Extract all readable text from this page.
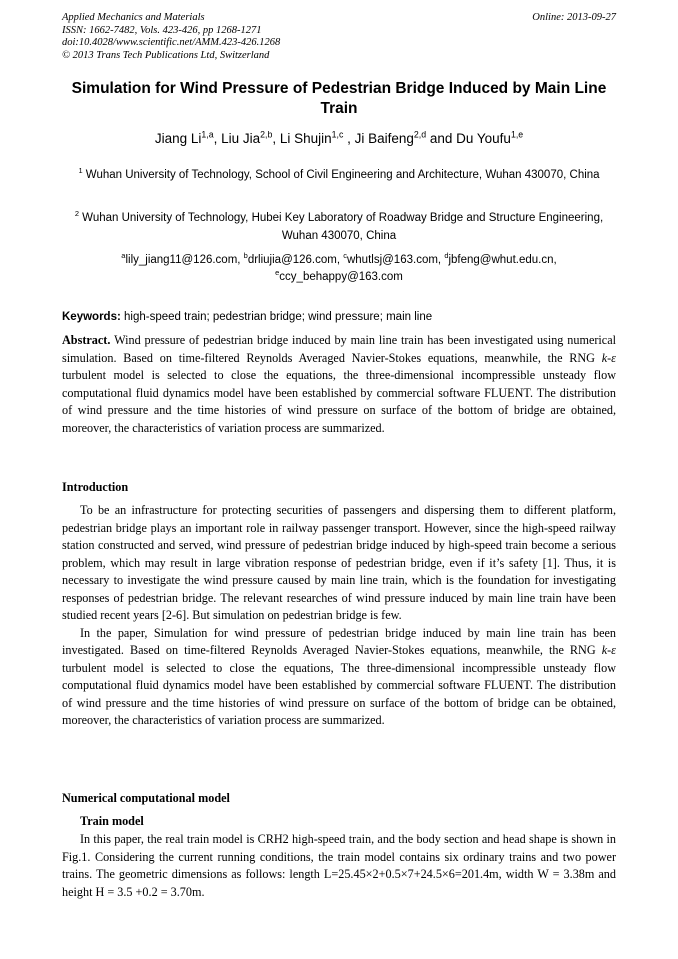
Applied Mechanics and Materials
ISSN: 1662-7482, Vols. 423-426, pp 1268-1271
doi:10.4028/www.scientific.net/AMM.423-426.1268
© 2013 Trans Tech Publications Ltd, Switzerland
Online: 2013-09-27
Simulation for Wind Pressure of Pedestrian Bridge Induced by Main Line Train
Jiang Li$^{1,a}$, Liu Jia$^{2,b}$, Li Shujin$^{1,c}$ , Ji Baifeng$^{2,d}$ and Du Youfu$^{1,e}$
$^1$ Wuhan University of Technology, School of Civil Engineering and Architecture, Wuhan 430070, China
$^2$ Wuhan University of Technology, Hubei Key Laboratory of Roadway Bridge and Structure Engineering, Wuhan 430070, China
$^a$lily_jiang11@126.com, $^b$drliujia@126.com, $^c$whutlsj@163.com, $^d$jbfeng@whut.edu.cn,
$^e$ccy_behappy@163.com
Keywords: high-speed train; pedestrian bridge; wind pressure; main line

Abstract. Wind pressure of pedestrian bridge induced by main line train has been investigated using numerical simulation. Based on time-filtered Reynolds Averaged Navier-Stokes equations, meanwhile, the RNG k-ε turbulent model is selected to close the equations, the three-dimensional incompressible unsteady flow computational fluid dynamics model have been established by commercial software FLUENT. The distribution of wind pressure and the time histories of wind pressure on surface of the bottom of bridge are obtained, moreover, the characteristics of variation process are summarized.

Introduction

To be an infrastructure for protecting securities of passengers and dispersing them to different platform, pedestrian bridge plays an important role in railway passenger transport. However, since the high-speed railway station constructed and served, wind pressure of pedestrian bridge induced by high-speed train become a serious problem, which may result in large vibration response of pedestrian bridge, even if it’s safety [1]. Thus, it is necessary to investigate the wind pressure caused by main line train, which is the foundation for investigating responses of pedestrian bridge. The relevant researches of wind pressure induced by main line train have been studied recent years [2-6]. But simulation on pedestrian bridge is few.

In the paper, Simulation for wind pressure of pedestrian bridge induced by main line train has been investigated. Based on time-filtered Reynolds Averaged Navier-Stokes equations, meanwhile, the RNG k-ε turbulent model is selected to close the equations, The three-dimensional incompressible unsteady flow computational fluid dynamics model have been established by commercial software FLUENT. The distribution of wind pressure and the time histories of wind pressure on surface of the bottom of bridge can be obtained, moreover, the characteristics of variation process are summarized.

Numerical computational model
Train model

In this paper, the real train model is CRH2 high-speed train, and the body section and head shape is shown in Fig.1. Considering the current running conditions, the train model contains six ordinary trains and two power trains. The geometric dimensions as follows: length L=25.45×2+0.5×7+24.5×6=201.4m, width W = 3.38m and height H = 3.5 +0.2 = 3.70m.
